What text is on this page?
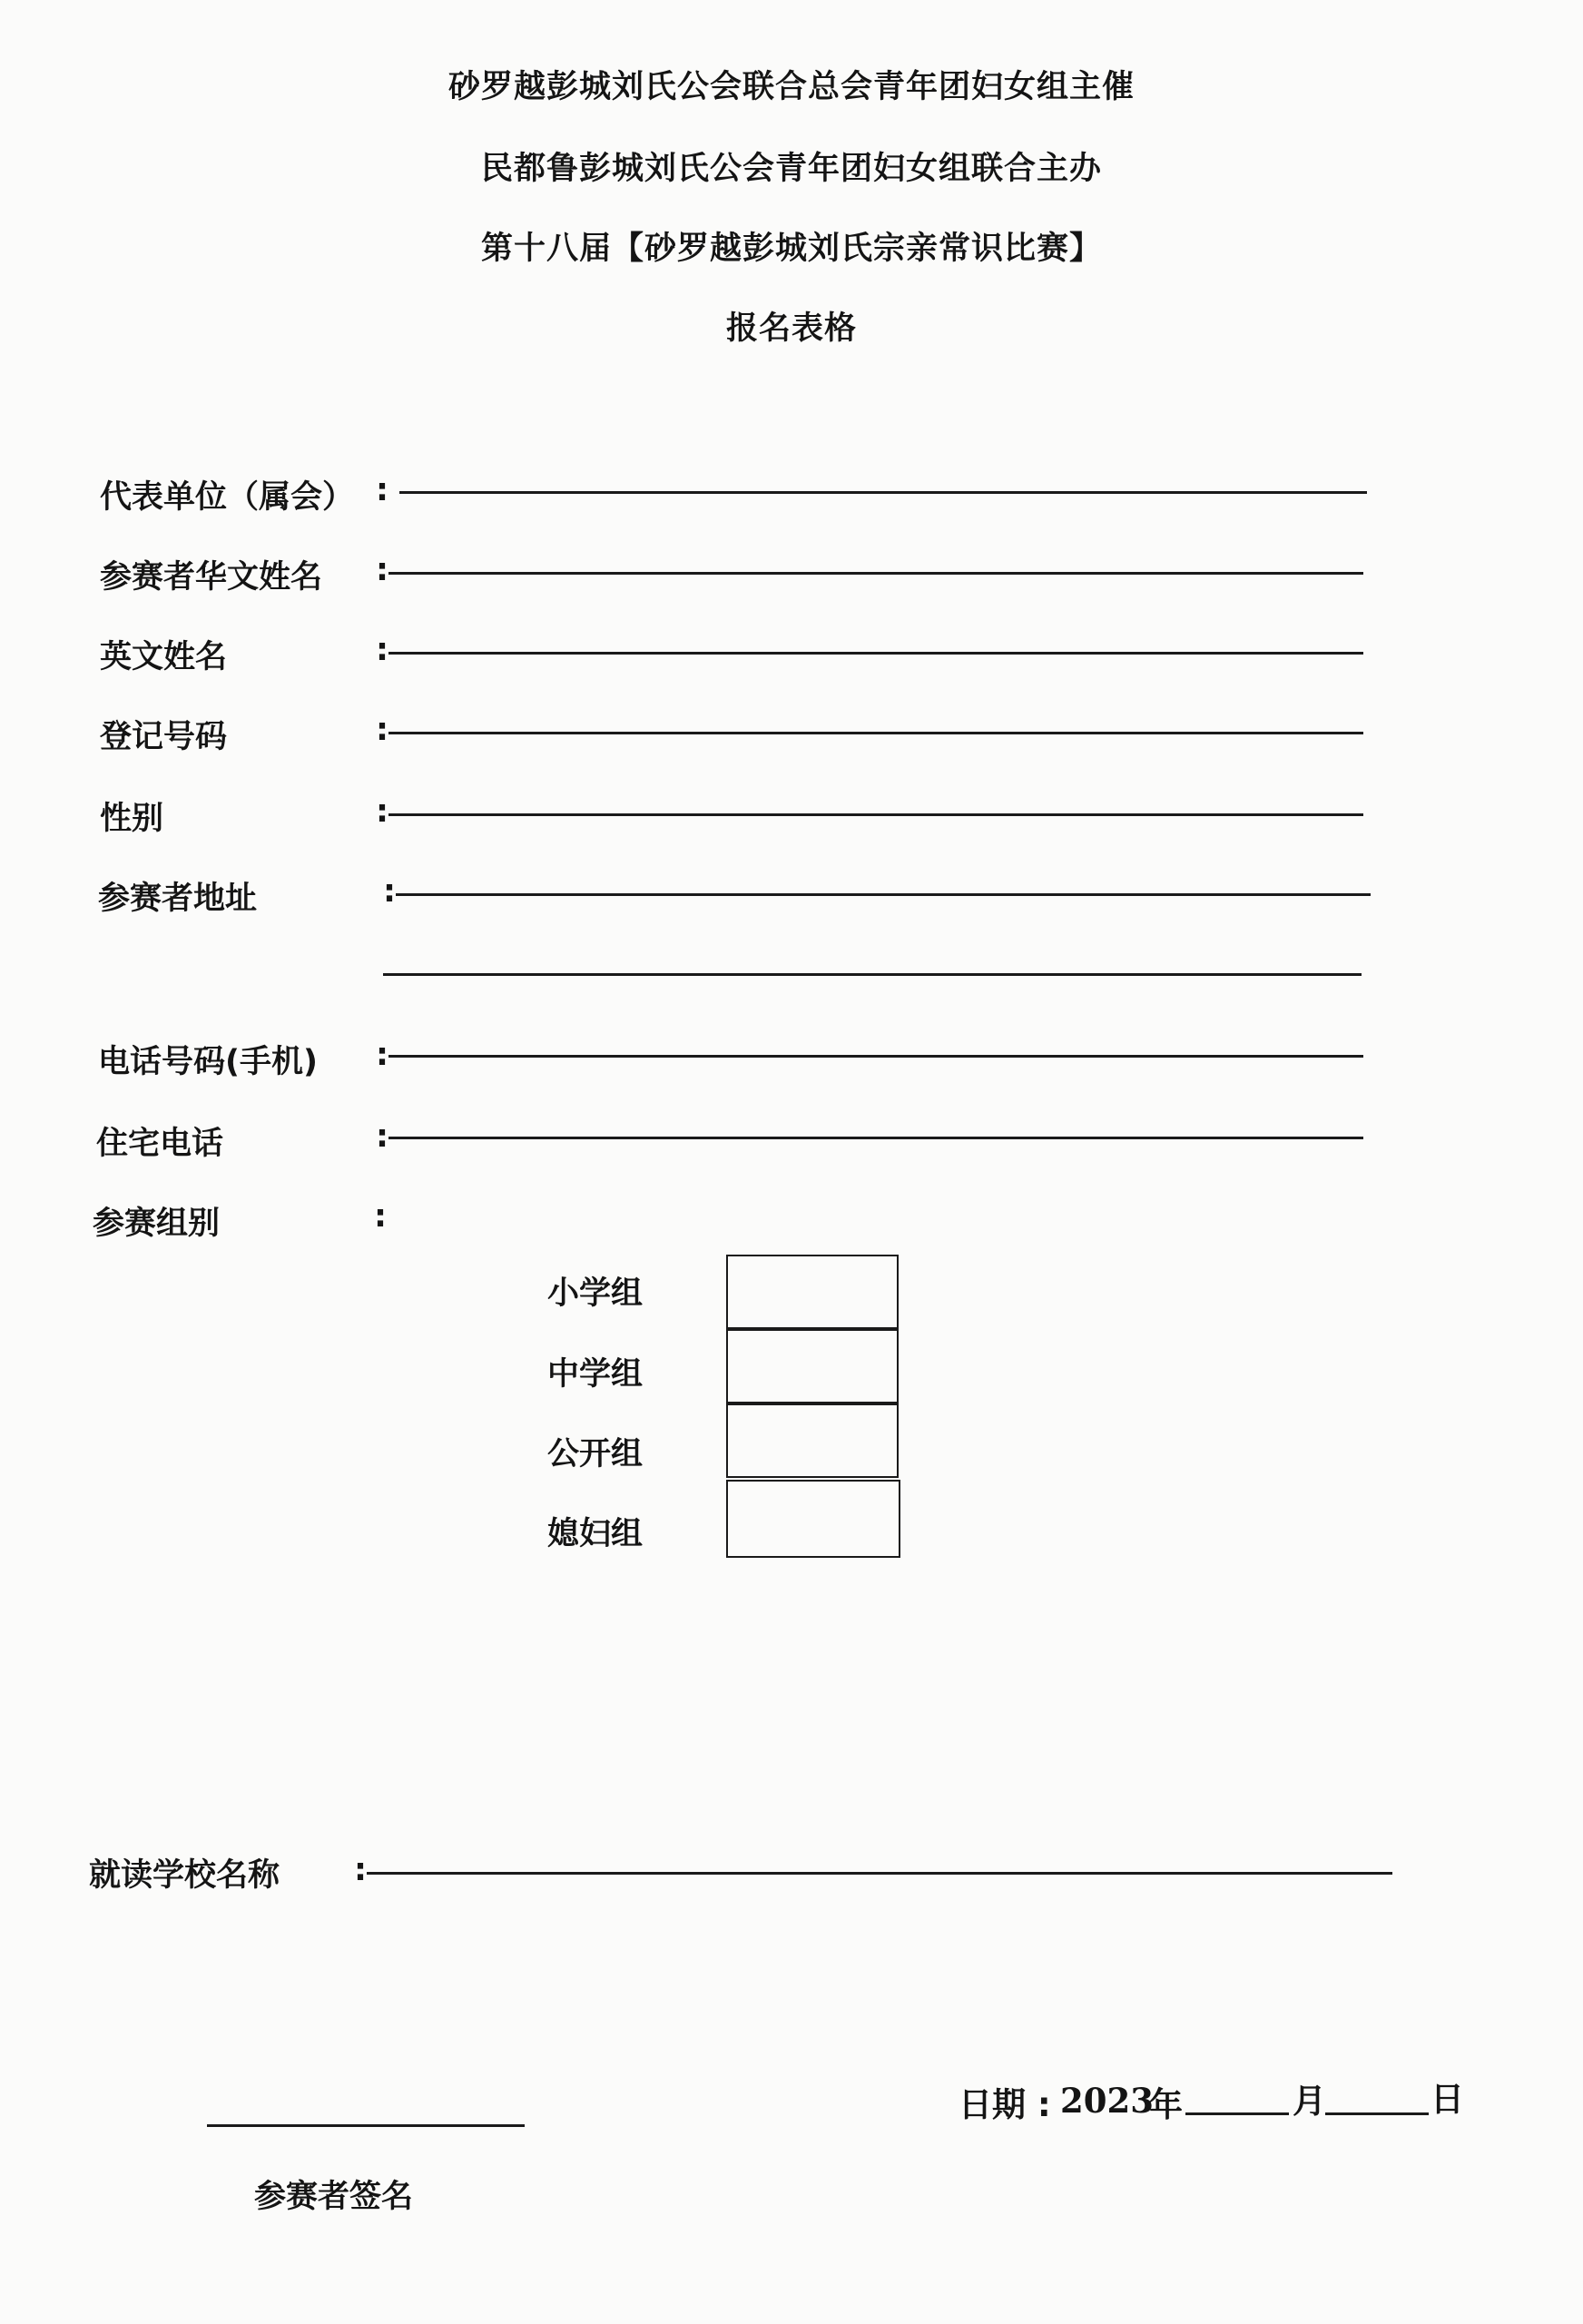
砂罗越彭城刘氏公会联合总会青年团妇女组主催
民都鲁彭城刘氏公会青年团妇女组联合主办
第十八届【砂罗越彭城刘氏宗亲常识比赛】
报名表格
代表单位（属会） :
参赛者华文姓名 :
英文姓名	:
登记号码	:
性别	:
参赛者地址	:
电话号码(手机) :
住宅电话	:
参赛组别	:
小学组
中学组
公开组
媳妇组
就读学校名称 :
日期 : 2023
年	月	日
参赛者签名
